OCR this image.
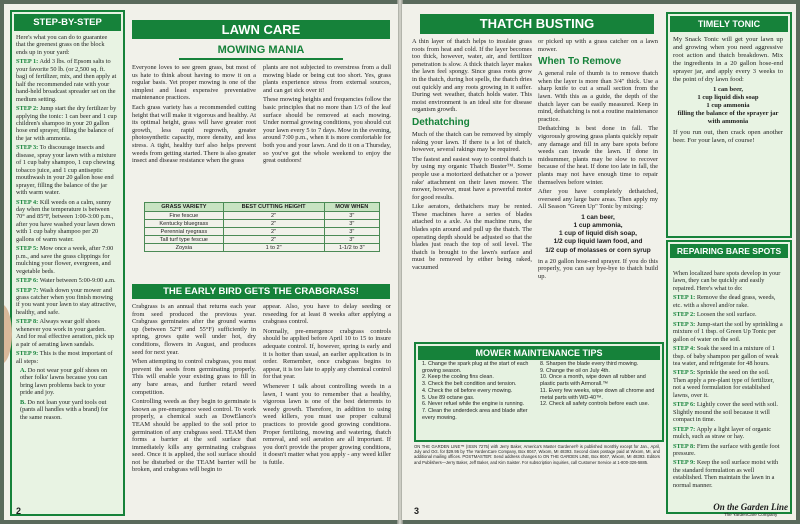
STEP-BY-STEP

Here's what you can do to guarantee that the greenest grass on the block ends up in your yard:

STEP 1: Add 3 lbs. of Epsom salts to your favorite 50 lb. (or 2,500 sq. ft. bag) of fertilizer, mix, and then apply at half the recommended rate with your hand-held broadcast spreader set on the medium setting.
STEP 2: Jump start the dry fertilizer by applying the tonic: 1 can beer and 1 cup children's shampoo in your 20 gallon hose end sprayer, filling the balance of the jar with ammonia.
STEP 3: To discourage insects and disease, spray your lawn with a mixture of 1 cup baby shampoo, 1 cup chewing tobacco juice, and 1 cup antiseptic mouthwash in your 20 gallon hose end sprayer, filling the balance of the jar with warm water.
STEP 4: Kill weeds on a calm, sunny day when the temperature is between 70° and 85°F, between 1:00-3:00 p.m., after you have washed your lawn down with 1 cup baby shampoo per 20 gallons of warm water.
STEP 5: Mow once a week, after 7:00 p.m., and save the grass clippings for mulching your flower, evergreen, and vegetable beds.
STEP 6: Water between 5:00-9:00 a.m.
STEP 7: Wash down your mower and grass catcher when you finish mowing if you want your lawn to stay attractive, healthy, and safe.
STEP 8: Always wear golf shoes whenever you work in your garden. And for real effective aeration, pick up a pair of aerating lawn sandals.
STEP 9: This is the most important of all steps:
A. Do not wear your golf shoes on other folks' lawns because you can bring lawn problems back to your pride and joy.
B. Do not loan your yard tools out (pants all handles with a brand) for the same reason.
LAWN CARE
MOWING MANIA

Everyone loves to see green grass, but most of us hate to think about having to mow it on a regular basis. Yet proper mowing is one of the simplest and least expensive preventative maintenance practices.

Each grass variety has a recommended cutting height that will make it vigorous and healthy. At its optimal height, grass will have greater root growth, less rapid regrowth, greater photosynthetic capacity, more density, and less stress. A tight, healthy turf also helps prevent weeds from getting started. There is also greater insect and disease resistance when the grass

plants are not subjected to overstress from a dull mowing blade or being cut too short. Yes, grass plants experience stress from external sources, and can get sick over it!

These mowing heights and frequencies follow the basic principles that no more than 1/3 of the leaf surface should be removed at each mowing. Under normal growing conditions, you should cut your lawn every 5 to 7 days. Mow in the evening, around 7:00 p.m., when it is more comfortable for both you and your lawn. And do it on a Thursday, so you've got the whole weekend to enjoy the great outdoors!

GRASS VARIETY	BEST CUTTING HEIGHT	MOW WHEN
Fine fescue	2"	3"
Kentucky bluegrass	2"	3"
Perennial ryegrass	2"	3"
Tall turf type fescue	2"	3"
Zoysia	1 to 2"	1-1/2 to 3"
THE EARLY BIRD GETS THE CRABGRASS!

Crabgrass is an annual that returns each year from seed produced the previous year. Crabgrass germinates after the ground warms up (between 52°F and 55°F) sufficiently in spring, grows quite well under hot, dry conditions, flowers in August, and produces seed for next year.

When attempting to control crabgrass, you must prevent the seeds from germinating properly. This will enable your existing grass to fill in any bare areas, and further retard weed competition.

Controlling weeds as they begin to germinate is known as pre-emergence weed control. To work properly, a chemical such as DowElanco's TEAM should be applied to the soil prior to germination of any crabgrass seed. TEAM then forms a barrier at the soil surface that immediately kills any germinating crabgrass seed. Once it is applied, the soil surface should not be disturbed or the TEAM barrier will be broken, and crabgrass will begin to

appear. Also, you have to delay seeding or reseeding for at least 8 weeks after applying a crabgrass control.

Normally, pre-emergence crabgrass controls should be applied before April 10 to 15 to insure adequate control. If, however, spring is early and it is hotter than usual, an earlier application is in order. Remember, once crabgrass begins to appear, it is too late to apply any chemical control for that year.

Whenever I talk about controlling weeds in a lawn, I want you to remember that a healthy, vigorous lawn is one of the best deterrents to weedy growth. Therefore, in addition to using weed killers, you must use proper cultural practices to provide good growing conditions. Proper fertilizing, mowing and watering, thatch removal, and soil aeration are all important. If you don't provide the proper growing conditions, it doesn't matter what you apply - any weed killer is futile.

2
THATCH BUSTING

A thin layer of thatch helps to insulate grass roots from heat and cold. If the layer becomes too thick, however, water, air, and fertilizer penetration is slow. A thick thatch layer makes the lawn feel spongy. Since grass roots grow in the thatch, during hot spells, the thatch dries out quickly and any roots growing in it suffer. During wet weather, thatch holds water. This moist environment is an ideal site for disease organism growth.

Dethatching

Much of the thatch can be removed by simply raking your lawn. If there is a lot of thatch, however, several rakings may be required.

The fastest and easiest way to control thatch is by using my organic Thatch Buster™. Some people use a motorized dethatcher or a 'power rake' attachment on their lawn mower. The mower, however, must have a powerful motor for good results.

Like aerators, dethatchers may be rented. These machines have a series of blades attached to a axle. As the machine runs, the blades spin around and pull up the thatch. The operating depth should be adjusted so that the blades just reach the top of soil level. The thatch is brought to the lawn's surface and must be removed by either being raked, vacuumed

or picked up with a grass catcher on a lawn mower.

When To Remove

A general rule of thumb is to remove thatch when the layer is more than 3/4" thick. Use a sharp knife to cut a small section from the lawn. With this as a guide, the depth of the thatch layer can be easily measured. Keep in mind, dethatching is not a routine maintenance practice.

Dethatching is best done in fall. The vigorously growing grass plants quickly repair any damage and fill in any bare spots before weeds can invade the lawn. If done in midsummer, plants may be slow to recover because of the heat. If done too late in fall, the plants may not have enough time to repair themselves before winter.

After you have completely dethatched, overseed any large bare areas. Then apply my All Season "Green Up" Tonic by mixing:

1 can beer,
1 cup ammonia,
1 cup of liquid dish soap,
1/2 cup liquid lawn food, and
1/2 cup of molasses or corn syrup

in a 20 gallon hose-end sprayer. If you do this properly, you can say bye-bye to thatch build up.

MOWER MAINTENANCE TIPS
1. Change the spark plug at the start of each growing season.
2. Keep the cooling fins clean.
3. Check the belt condition and tension.
4. Check the oil before every mowing.
5. Use 89 octane gas.
6. Never refuel while the engine is running.
7. Clean the underdeck area and blade after every mowing.
8. Sharpen the blade every third mowing.
9. Change the oil on July 4th.
10. Once a month, wipe down all rubber and plastic parts with Armorall.™
11. Every few weeks, wipe down all chrome and metal parts with WD-40™.
12. Check all safety controls before each use.
ON THE GARDEN LINE™ (ISSN 7275) with Jerry Baker, America's Master Gardener® is published monthly except for Jan., April, July and Oct. for $29.95 by The YardenCare Company, Box 8047, Wixom, MI 48393. Second class postage paid at Wixom, MI, and additional mailing offices. POSTMASTER: Send address changes to ON THE GARDEN LINE, Box 8047, Wixom, MI 48393. Editors and Publishers—Jerry Baker, Jeff Baker, and Kim Saister. For subscription inquiries, call Customer Service at 1-800-326-5885.
TIMELY TONIC

My Snack Tonic will get your lawn up and growing when you need aggressive root action and thatch breakdown. Mix the ingredients in a 20 gallon hose-end sprayer jar, and apply every 3 weeks to the point of dry lawn food:

1 can beer,
1 cup liquid dish soap
1 cup ammonia
filling the balance of the sprayer jar with ammonia

If you run out, then crack open another beer. For your lawn, of course!

REPAIRING BARE SPOTS

When localized bare spots develop in your lawn, they can be quickly and easily repaired. Here's what to do:

STEP 1: Remove the dead grass, weeds, etc. with a shovel and/or rake.
STEP 2: Loosen the soil surface.
STEP 3: Jump-start the soil by sprinkling a mixture of 1 tbsp. of Green Up Tonic per gallon of water on the soil.
STEP 4: Soak the seed in a mixture of 1 tbsp. of baby shampoo per gallon of weak tea water, and refrigerate for 48 hours.
STEP 5: Sprinkle the seed on the soil. Then apply a pre-plant type of fertilizer, not a weed formulation for established lawns, over it.
STEP 6: Lightly cover the seed with soil. Slightly mound the soil because it will compact in time.
STEP 7: Apply a light layer of organic mulch, such as straw or hay.
STEP 8: Firm the surface with gentle foot pressure.
STEP 9: Keep the soil surface moist with the standard formulation as well established. Then maintain the lawn in a normal manner.
3	On the Garden Line
The YardenCare Company
